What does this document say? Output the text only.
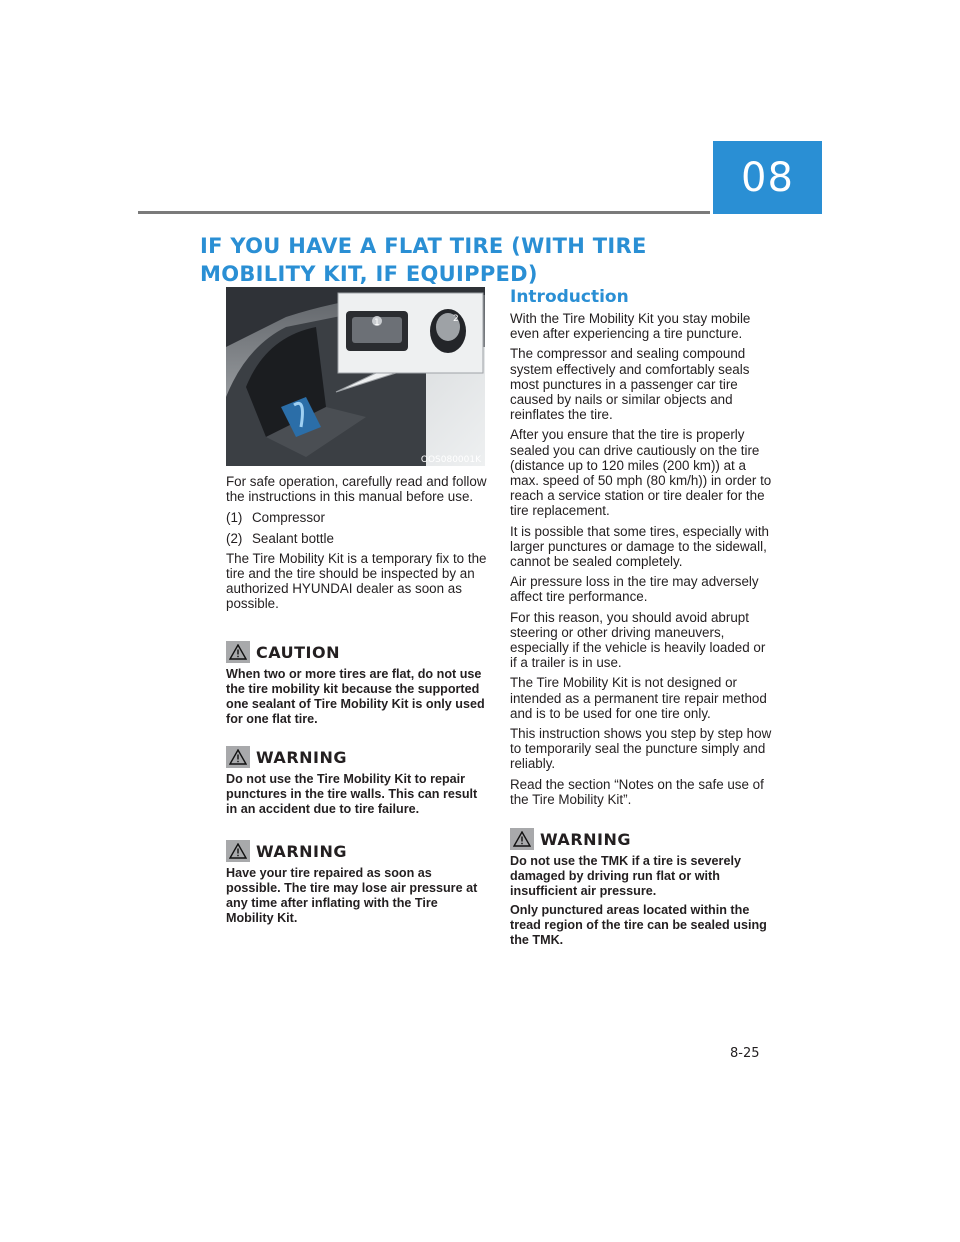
08
IF YOU HAVE A FLAT TIRE (WITH TIRE MOBILITY KIT, IF EQUIPPED)
1	2
OOS080001K

For safe operation, carefully read and follow the instructions in this manual before use.

(1) Compressor

(2) Sealant bottle

The Tire Mobility Kit is a temporary fix to the tire and the tire should be inspected by an authorized HYUNDAI dealer as soon as possible.

CAUTION

When two or more tires are flat, do not use the tire mobility kit because the supported one sealant of Tire Mobility Kit is only used for one flat tire.

WARNING

Do not use the Tire Mobility Kit to repair punctures in the tire walls. This can result in an accident due to tire failure.

WARNING

Have your tire repaired as soon as possible. The tire may lose air pressure at any time after inflating with the Tire Mobility Kit.

Introduction

With the Tire Mobility Kit you stay mobile even after experiencing a tire puncture.

The compressor and sealing compound system effectively and comfortably seals most punctures in a passenger car tire caused by nails or similar objects and reinflates the tire.

After you ensure that the tire is properly sealed you can drive cautiously on the tire (distance up to 120 miles (200 km)) at a max. speed of 50 mph (80 km/h)) in order to reach a service station or tire dealer for the tire replacement.

It is possible that some tires, especially with larger punctures or damage to the sidewall, cannot be sealed completely.

Air pressure loss in the tire may adversely affect tire performance.

For this reason, you should avoid abrupt steering or other driving maneuvers, especially if the vehicle is heavily loaded or if a trailer is in use.

The Tire Mobility Kit is not designed or intended as a permanent tire repair method and is to be used for one tire only.

This instruction shows you step by step how to temporarily seal the puncture simply and reliably.

Read the section “Notes on the safe use of the Tire Mobility Kit”.

WARNING

Do not use the TMK if a tire is severely damaged by driving run flat or with insufficient air pressure.

Only punctured areas located within the tread region of the tire can be sealed using the TMK.

8-25
